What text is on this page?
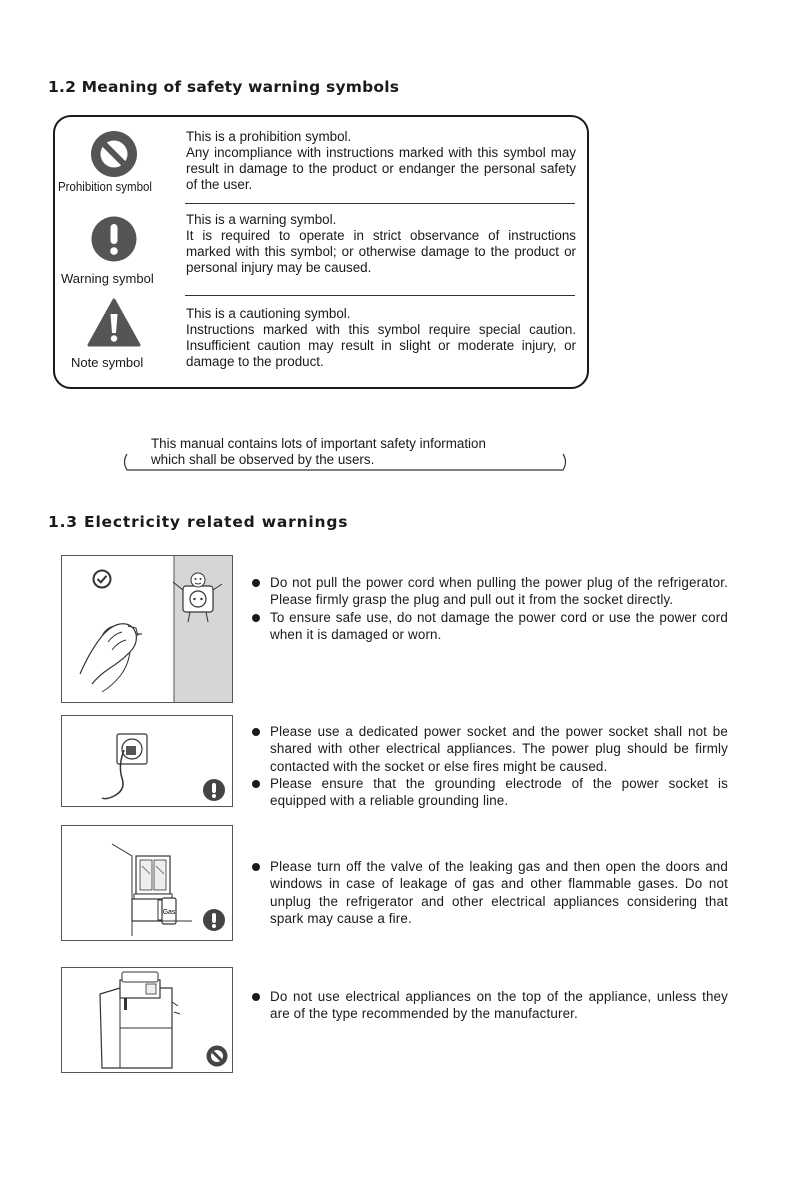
1.2 Meaning of safety warning symbols
Prohibition symbol

This is a prohibition symbol.

Any incompliance with instructions marked with this symbol may result in damage to the product or endanger the personal safety of the user.

Warning symbol

This is a warning symbol.

It is required to operate in strict observance of instructions marked with this symbol; or otherwise damage to the product or personal injury may be caused.

Note symbol

This is a cautioning symbol.

Instructions marked with this symbol require special caution. Insufficient caution may result in slight or moderate injury, or damage to the product.

This manual contains lots of important safety information
which shall be observed by the users.
1.3 Electricity related warnings
Do not pull the power cord when pulling the power plug of the refrigerator. Please firmly grasp the plug and pull out it from the socket directly.
To ensure safe use, do not damage the power cord or use the power cord when it is damaged or worn.
Please use a dedicated power socket and the power socket shall not be shared with other electrical appliances. The power plug should be firmly contacted with the socket or else fires might be caused.
Please ensure that the grounding electrode of the power socket is equipped with a reliable grounding line.
Gas
Please turn off the valve of the leaking gas and then open the doors and windows in case of leakage of gas and other flammable gases. Do not unplug the refrigerator and other electrical appliances considering that spark may cause a fire.
Do not use electrical appliances on the top of the appliance, unless they are of the type recommended by the manufacturer.
